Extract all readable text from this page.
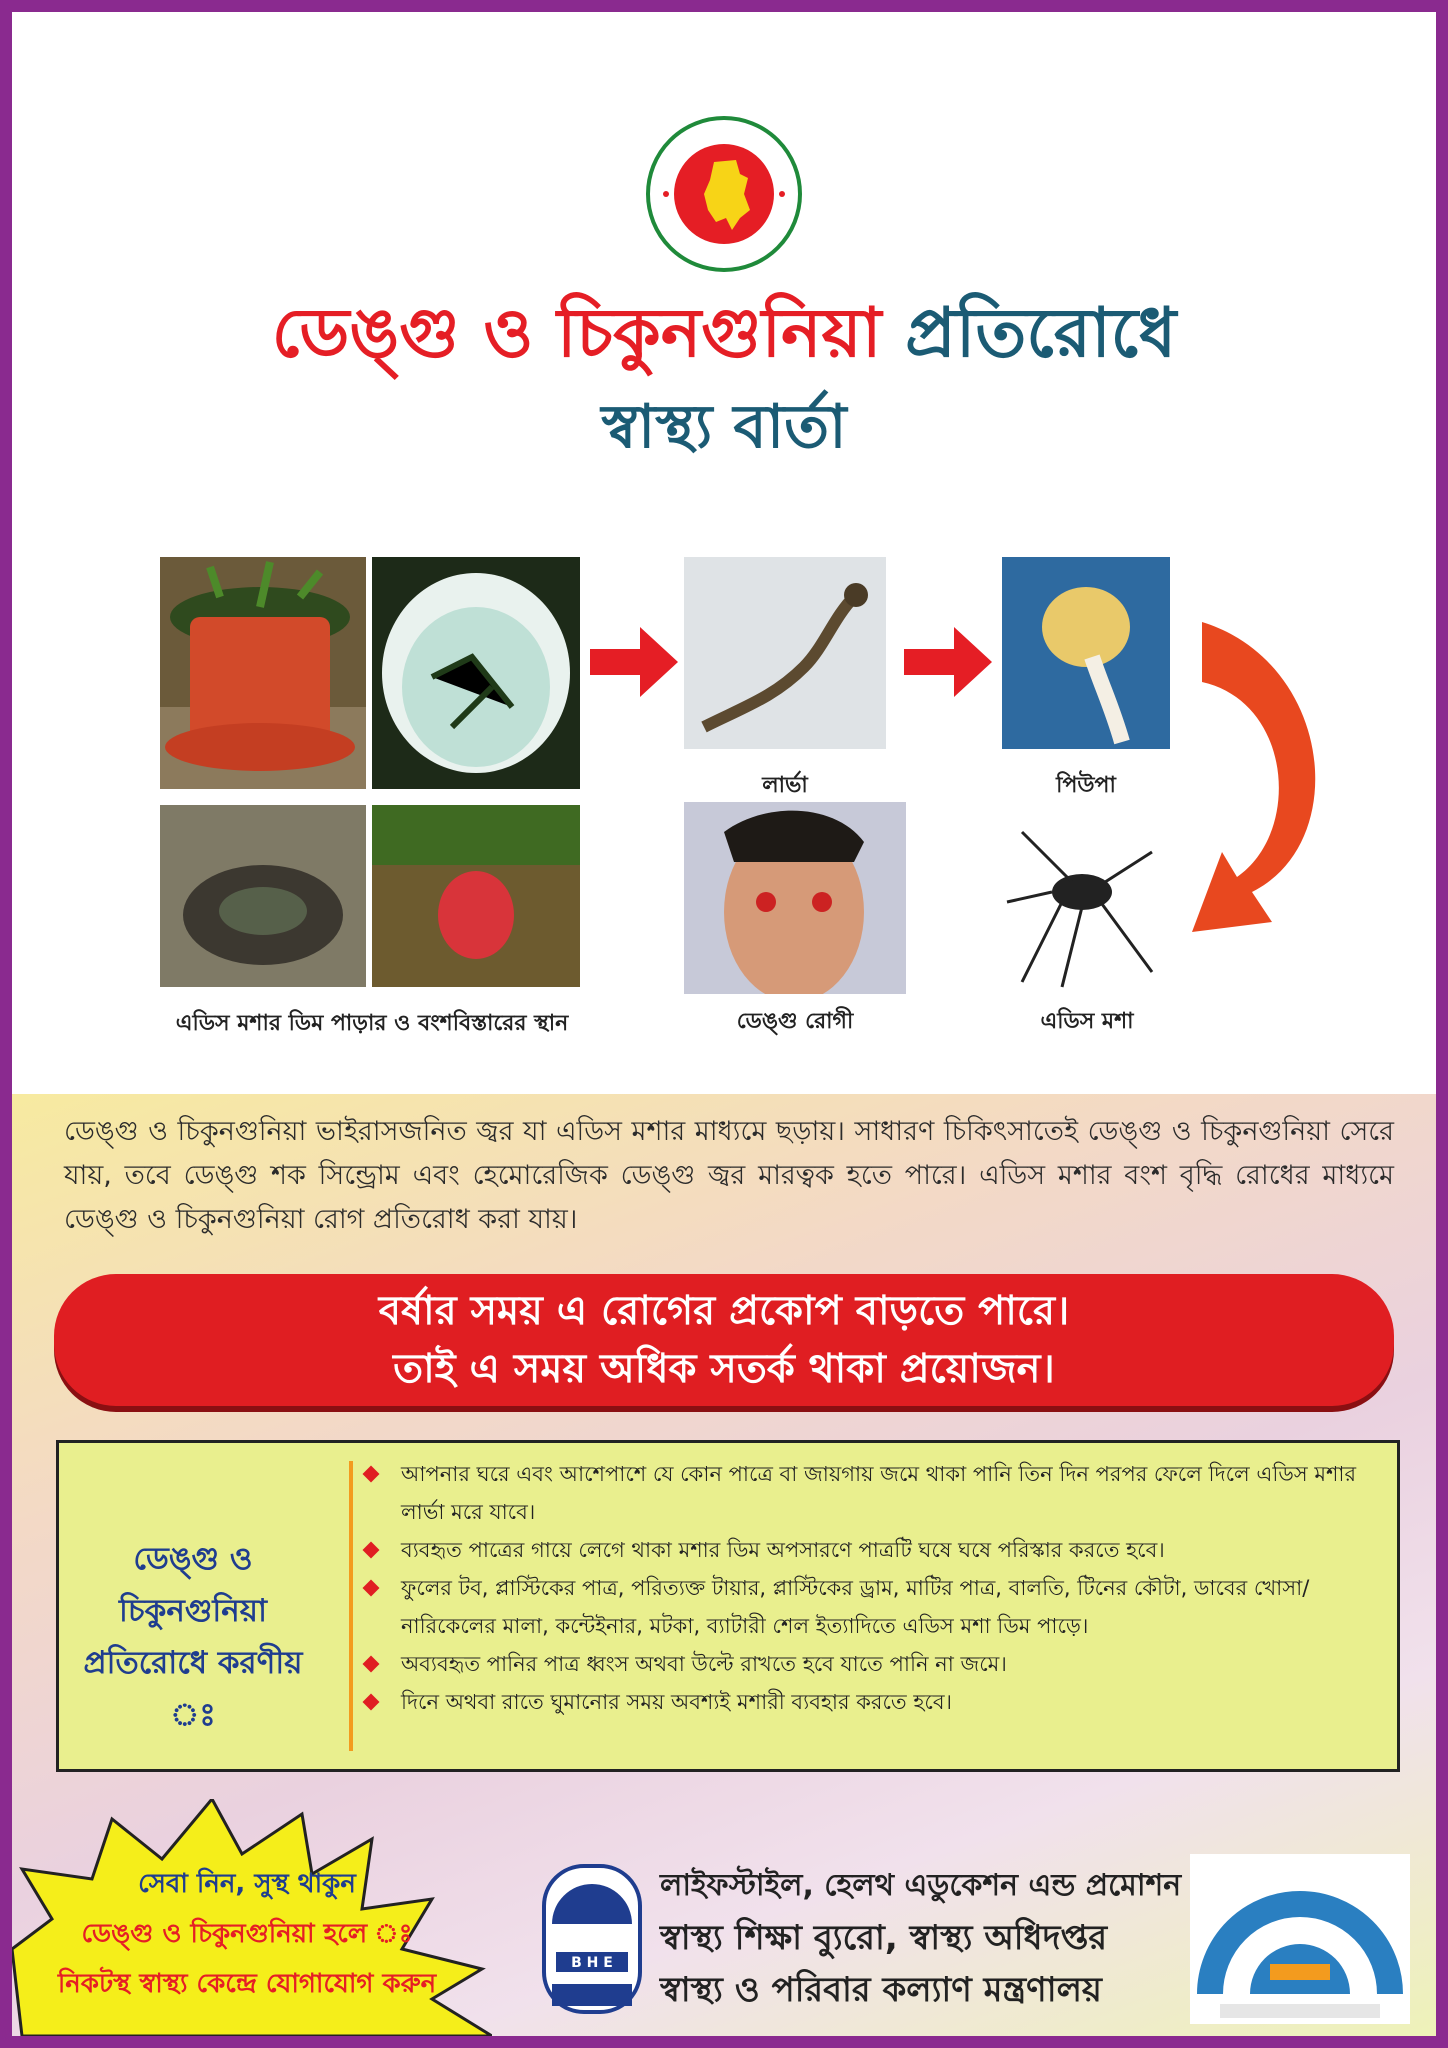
ডেঙ্গু ও চিকুনগুনিয়া প্রতিরোধে
স্বাস্থ্য বার্তা
এডিস মশার ডিম পাড়ার ও বংশবিস্তারের স্থান
লার্ভা	পিউপা
ডেঙ্গু রোগী	এডিস মশা
ডেঙ্গু ও চিকুনগুনিয়া ভাইরাসজনিত জ্বর যা এডিস মশার মাধ্যমে ছড়ায়। সাধারণ চিকিৎসাতেই ডেঙ্গু ও চিকুনগুনিয়া সেরে যায়, তবে ডেঙ্গু শক সিন্ড্রোম এবং হেমোরেজিক ডেঙ্গু জ্বর মারত্বক হতে পারে। এডিস মশার বংশ বৃদ্ধি রোধের মাধ্যমে ডেঙ্গু ও চিকুনগুনিয়া রোগ প্রতিরোধ করা যায়।
বর্ষার সময় এ রোগের প্রকোপ বাড়তে পারে।
তাই এ সময় অধিক সতর্ক থাকা প্রয়োজন।
ডেঙ্গু ও চিকুনগুনিয়া
প্রতিরোধে করণীয় ঃ
আপনার ঘরে এবং আশেপাশে যে কোন পাত্রে বা জায়গায় জমে থাকা পানি তিন দিন পরপর ফেলে দিলে এডিস মশার লার্ভা মরে যাবে।
ব্যবহৃত পাত্রের গায়ে লেগে থাকা মশার ডিম অপসারণে পাত্রটি ঘষে ঘষে পরিস্কার করতে হবে।
ফুলের টব, প্লাস্টিকের পাত্র, পরিত্যক্ত টায়ার, প্লাস্টিকের ড্রাম, মাটির পাত্র, বালতি, টিনের কৌটা, ডাবের খোসা/নারিকেলের মালা, কন্টেইনার, মটকা, ব্যাটারী শেল ইত্যাদিতে এডিস মশা ডিম পাড়ে।
অব্যবহৃত পানির পাত্র ধ্বংস অথবা উল্টে রাখতে হবে যাতে পানি না জমে।
দিনে অথবা রাতে ঘুমানোর সময় অবশ্যই মশারী ব্যবহার করতে হবে।
সেবা নিন, সুস্থ থাকুন
ডেঙ্গু ও চিকুনগুনিয়া হলে ঃ
নিকটস্থ স্বাস্থ্য কেন্দ্রে যোগাযোগ করুন
B H E
লাইফস্টাইল, হেলথ এডুকেশন এন্ড প্রমোশন
স্বাস্থ্য শিক্ষা ব্যুরো, স্বাস্থ্য অধিদপ্তর
স্বাস্থ্য ও পরিবার কল্যাণ মন্ত্রণালয়
